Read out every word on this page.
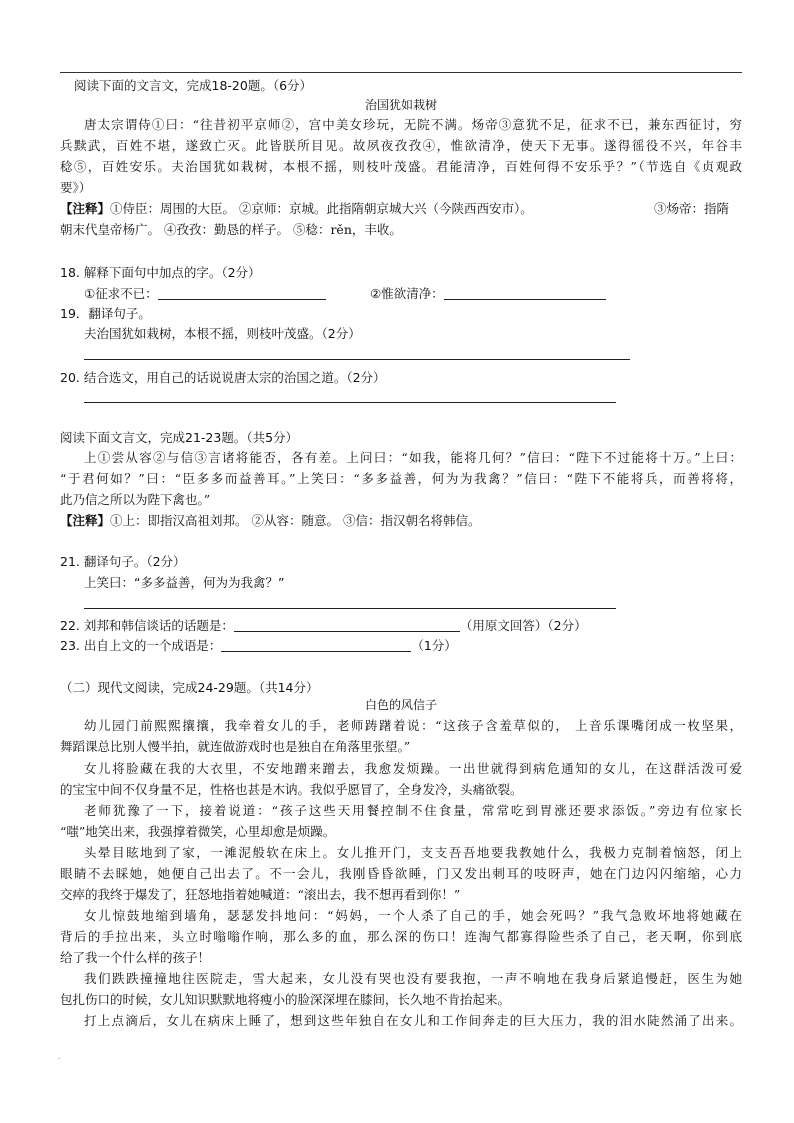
阅读下面的文言文，完成18-20题。（6分）
治国犹如栽树
唐太宗谓侍①曰：“往昔初平京师②，宫中美女珍玩，无院不满。炀帝③意犹不足，征求不已，兼东西征讨，穷
兵黩武，百姓不堪，遂致亡灭。此皆朕所目见。故夙夜孜孜④，惟欲清净，使天下无事。遂得徭役不兴，年谷丰
稔⑤，百姓安乐。夫治国犹如栽树，本根不摇，则枝叶茂盛。君能清净，百姓何得不安乐乎？”（节选自《贞观政
要》）
【注释】①侍臣：周围的大臣。 ②京师：京城。此指隋朝京城大兴（今陕西西安市）。	③炀帝：指隋
朝末代皇帝杨广。 ④孜孜：勤恳的样子。 ⑤稔：rěn，丰收。
18. 解释下面句中加点的字。（2分）
①征求不已：	②惟欲清净：
19．翻译句子。
夫治国犹如栽树，本根不摇，则枝叶茂盛。（2分）
20. 结合选文，用自己的话说说唐太宗的治国之道。（2分）
阅读下面文言文，完成21-23题。（共5分）
上①尝从容②与信③言诸将能否，各有差。上问曰：“如我，能将几何？”信曰：“陛下不过能将十万。”上曰：
“于君何如？”曰：“臣多多而益善耳。”上笑曰：“多多益善，何为为我禽？”信曰：“陛下不能将兵，而善将将，
此乃信之所以为陛下禽也。”
【注释】①上：即指汉高祖刘邦。 ②从容：随意。 ③信：指汉朝名将韩信。
21. 翻译句子。（2分）
上笑曰：“多多益善，何为为我禽？”
22. 刘邦和韩信谈话的话题是：	（用原文回答）（2分）
23. 出自上文的一个成语是：	（1分）
（二）现代文阅读，完成24-29题。（共14分）
白色的风信子
幼儿园门前熙熙攘攘，我牵着女儿的手，老师踌躇着说：“这孩子含羞草似的， 上音乐课嘴闭成一枚坚果，
舞蹈课总比别人慢半拍，就连做游戏时也是独自在角落里张望。”
女儿将脸藏在我的大衣里，不安地蹭来蹭去，我愈发烦躁。一出世就得到病危通知的女儿，在这群活泼可爱
的宝宝中间不仅身量不足，性格也甚是木讷。我似乎愿冒了，全身发冷，头痛欲裂。
老师犹豫了一下，接着说道：“孩子这些天用餐控制不住食量，常常吃到胃涨还要求添饭。”旁边有位家长
“嗤”地笑出来，我强撑着微笑，心里却愈是烦躁。
头晕目眩地到了家，一滩泥般软在床上。女儿推开门，支支吾吾地要我教她什么，我极力克制着恼怒，闭上
眼睛不去睬她，她便自己出去了。不一会儿，我刚昏昏欲睡，门又发出刺耳的吱呀声，她在门边闪闪缩缩，心力
交瘁的我终于爆发了，狂怒地指着她喊道：“滚出去，我不想再看到你！”
女儿惊鼓地缩到墙角，瑟瑟发抖地问：“妈妈，一个人杀了自己的手，她会死吗？”我气急败坏地将她藏在
背后的手拉出来，头立时嗡嗡作响，那么多的血，那么深的伤口！连淘气都寡得险些杀了自己，老天啊，你到底
给了我一个什么样的孩子！
我们跌跌撞撞地往医院走，雪大起来，女儿没有哭也没有要我抱，一声不响地在我身后紧追慢赶，医生为她
包扎伤口的时候，女儿知识默默地将瘦小的脸深深埋在膝间，长久地不肯抬起来。
打上点滴后，女儿在病床上睡了，想到这些年独自在女儿和工作间奔走的巨大压力，我的泪水陡然涌了出来。
.
